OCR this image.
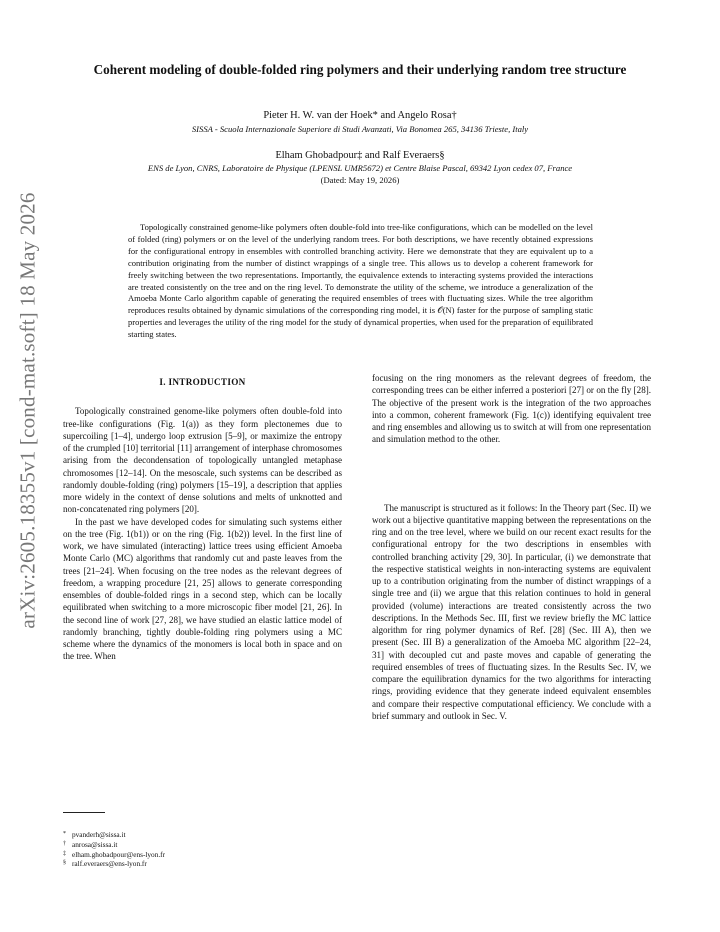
arXiv:2605.18355v1 [cond-mat.soft] 18 May 2026
Coherent modeling of double-folded ring polymers and their underlying random tree structure
Pieter H. W. van der Hoek* and Angelo Rosa†
SISSA - Scuola Internazionale Superiore di Studi Avanzati, Via Bonomea 265, 34136 Trieste, Italy
Elham Ghobadpour‡ and Ralf Everaers§
ENS de Lyon, CNRS, Laboratoire de Physique (LPENSL UMR5672) et Centre Blaise Pascal, 69342 Lyon cedex 07, France
(Dated: May 19, 2026)

Topologically constrained genome-like polymers often double-fold into tree-like configurations, which can be modelled on the level of folded (ring) polymers or on the level of the underlying random trees. For both descriptions, we have recently obtained expressions for the configurational entropy in ensembles with controlled branching activity. Here we demonstrate that they are equivalent up to a contribution originating from the number of distinct wrappings of a single tree. This allows us to develop a coherent framework for freely switching between the two representations. Importantly, the equivalence extends to interacting systems provided the interactions are treated consistently on the tree and on the ring level. To demonstrate the utility of the scheme, we introduce a generalization of the Amoeba Monte Carlo algorithm capable of generating the required ensembles of trees with fluctuating sizes. While the tree algorithm reproduces results obtained by dynamic simulations of the corresponding ring model, it is 𝒪(N) faster for the purpose of sampling static properties and leverages the utility of the ring model for the study of dynamical properties, when used for the preparation of equilibrated starting states.

I. INTRODUCTION

Topologically constrained genome-like polymers often double-fold into tree-like configurations (Fig. 1(a)) as they form plectonemes due to supercoiling [1–4], undergo loop extrusion [5–9], or maximize the entropy of the crumpled [10] territorial [11] arrangement of interphase chromosomes arising from the decondensation of topologically untangled metaphase chromosomes [12–14]. On the mesoscale, such systems can be described as randomly double-folding (ring) polymers [15–19], a description that applies more widely in the context of dense solutions and melts of unknotted and non-concatenated ring polymers [20].

In the past we have developed codes for simulating such systems either on the tree (Fig. 1(b1)) or on the ring (Fig. 1(b2)) level. In the first line of work, we have simulated (interacting) lattice trees using efficient Amoeba Monte Carlo (MC) algorithms that randomly cut and paste leaves from the trees [21–24]. When focusing on the tree nodes as the relevant degrees of freedom, a wrapping procedure [21, 25] allows to generate corresponding ensembles of double-folded rings in a second step, which can be locally equilibrated when switching to a more microscopic fiber model [21, 26]. In the second line of work [27, 28], we have studied an elastic lattice model of randomly branching, tightly double-folding ring polymers using a MC scheme where the dynamics of the monomers is local both in space and on the tree. When

focusing on the ring monomers as the relevant degrees of freedom, the corresponding trees can be either inferred a posteriori [27] or on the fly [28]. The objective of the present work is the integration of the two approaches into a common, coherent framework (Fig. 1(c)) identifying equivalent tree and ring ensembles and allowing us to switch at will from one representation and simulation method to the other.

The manuscript is structured as it follows: In the Theory part (Sec. II) we work out a bijective quantitative mapping between the representations on the ring and on the tree level, where we build on our recent exact results for the configurational entropy for the two descriptions in ensembles with controlled branching activity [29, 30]. In particular, (i) we demonstrate that the respective statistical weights in non-interacting systems are equivalent up to a contribution originating from the number of distinct wrappings of a single tree and (ii) we argue that this relation continues to hold in general provided (volume) interactions are treated consistently across the two descriptions. In the Methods Sec. III, first we review briefly the MC lattice algorithm for ring polymer dynamics of Ref. [28] (Sec. III A), then we present (Sec. III B) a generalization of the Amoeba MC algorithm [22–24, 31] with decoupled cut and paste moves and capable of generating the required ensembles of trees of fluctuating sizes. In the Results Sec. IV, we compare the equilibration dynamics for the two algorithms for interacting rings, providing evidence that they generate indeed equivalent ensembles and compare their respective computational efficiency. We conclude with a brief summary and outlook in Sec. V.

* pvanderh@sissa.it
† anrosa@sissa.it
‡ elham.ghobadpour@ens-lyon.fr
§ ralf.everaers@ens-lyon.fr
